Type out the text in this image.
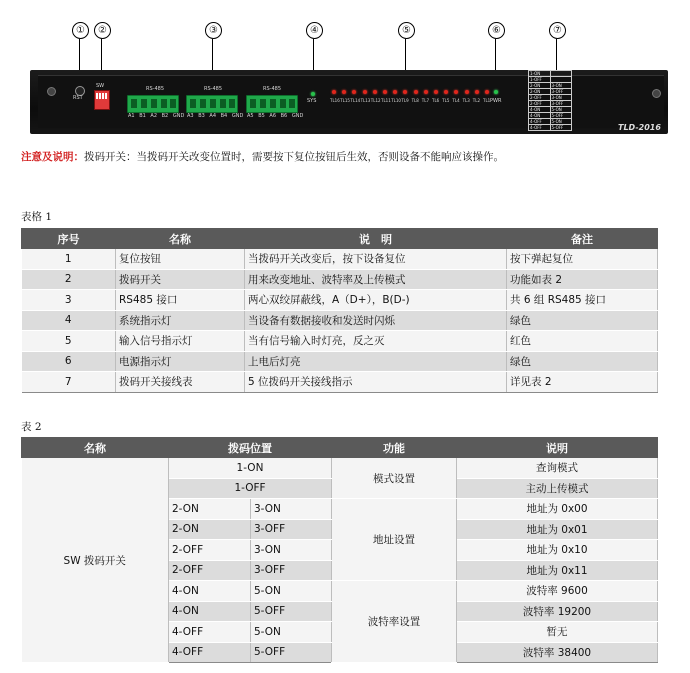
①	②	③	④	⑤	⑥	⑦
RST
SW	RS-485
A1 B1 A2 B2 GND
RS-485
A3 B3 A4 B4 GND
RS-485
A5 B5 A6 B6 GND
SYS	TL16 TL15 TL14 TL13 TL12 TL11 TL10 TL9 TL8 TL7 TL6 TL5 TL4 TL3 TL2 TL1 PWR
1-ON	
1-OFF	
2-ON	3-ON
2-ON	3-OFF
2-OFF	3-ON
2-OFF	3-OFF
4-ON	5-ON
4-ON	5-OFF
4-OFF	5-ON
4-OFF	5-OFF	TLD-2016
注意及说明：拨码开关：当拨码开关改变位置时，需要按下复位按钮后生效，否则设备不能响应该操作。
表格 1
序号	名称	说　明	备注
1	复位按钮	当拨码开关改变后，按下设备复位	按下弹起复位
2	拨码开关	用来改变地址、波特率及上传模式	功能如表 2
3	RS485 接口	两心双绞屏蔽线，A（D+），B(D-)	共 6 组 RS485 接口
4	系统指示灯	当设备有数据接收和发送时闪烁	绿色
5	输入信号指示灯	当有信号输入时灯亮，反之灭	红色
6	电源指示灯	上电后灯亮	绿色
7	拨码开关接线表	5 位拨码开关接线指示	详见表 2
表 2
名称	拨码位置		功能	说明
SW 拨码开关	1-ON		模式设置	查询模式
	1-OFF			主动上传模式
	2-ON	3-ON	地址设置	地址为 0x00
	2-ON	3-OFF		地址为 0x01
	2-OFF	3-ON		地址为 0x10
	2-OFF	3-OFF		地址为 0x11
	4-ON	5-ON	波特率设置	波特率 9600
	4-ON	5-OFF		波特率 19200
	4-OFF	5-ON		暂无
	4-OFF	5-OFF		波特率 38400
